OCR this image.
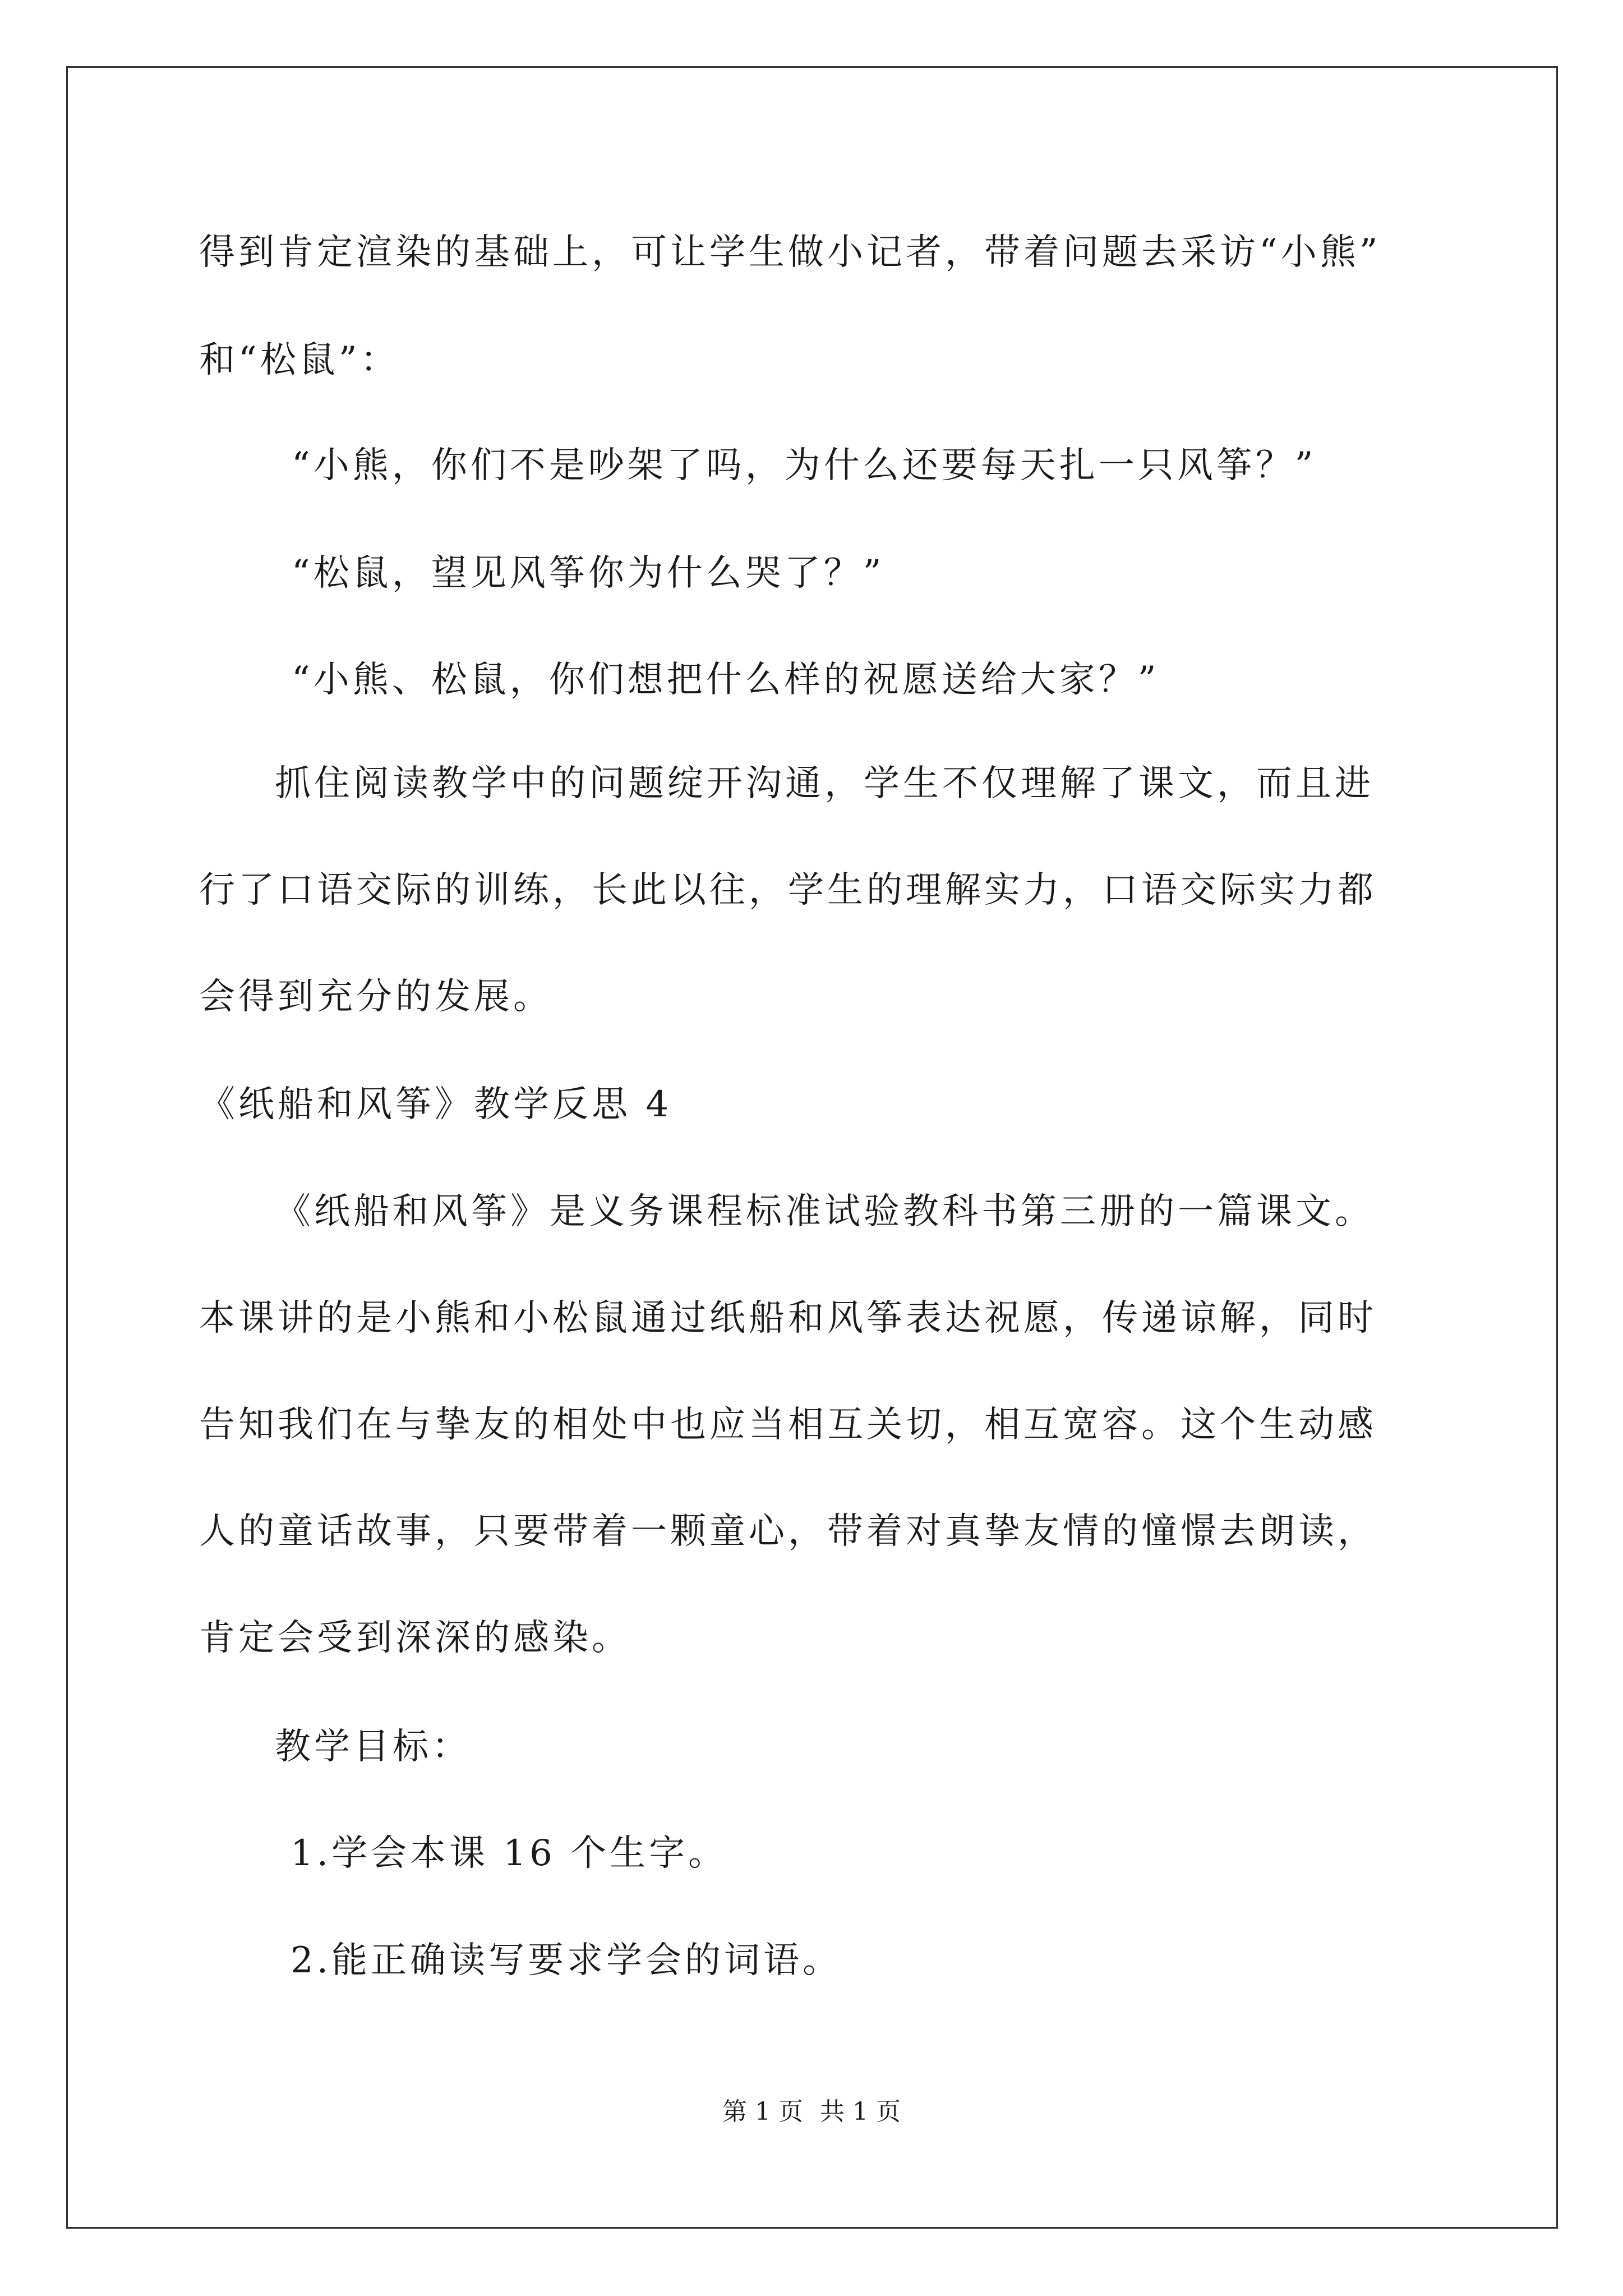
得到肯定渲染的基础上，可让学生做小记者，带着问题去采访“小熊”
和“松鼠”：
“小熊，你们不是吵架了吗，为什么还要每天扎一只风筝？”
“松鼠，望见风筝你为什么哭了？”
“小熊、松鼠，你们想把什么样的祝愿送给大家？”
抓住阅读教学中的问题绽开沟通，学生不仅理解了课文，而且进
行了口语交际的训练，长此以往，学生的理解实力，口语交际实力都
会得到充分的发展。
《纸船和风筝》教学反思 4
《纸船和风筝》是义务课程标准试验教科书第三册的一篇课文。
本课讲的是小熊和小松鼠通过纸船和风筝表达祝愿，传递谅解，同时
告知我们在与挚友的相处中也应当相互关切，相互宽容。这个生动感
人的童话故事，只要带着一颗童心，带着对真挚友情的憧憬去朗读，
肯定会受到深深的感染。
教学目标：
1.学会本课 16 个生字。
2.能正确读写要求学会的词语。
第 1 页 共 1 页
